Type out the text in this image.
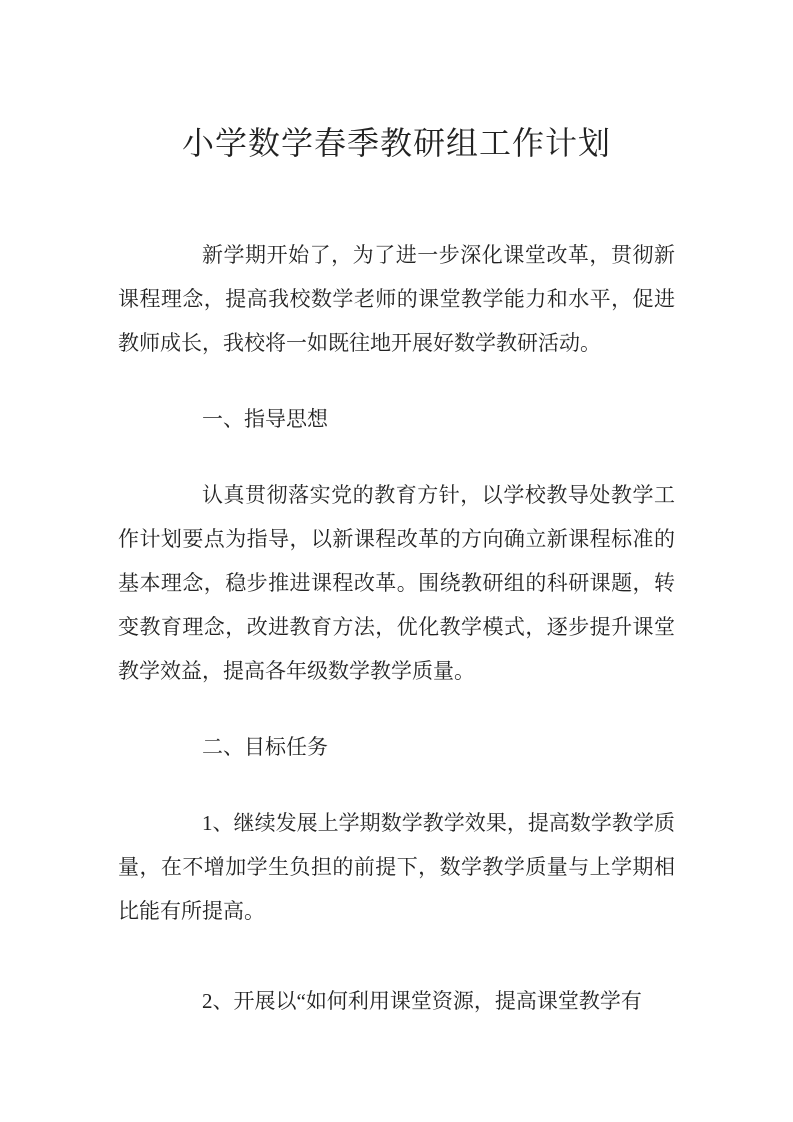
小学数学春季教研组工作计划

新学期开始了，为了进一步深化课堂改革，贯彻新课程理念，提高我校数学老师的课堂教学能力和水平，促进教师成长，我校将一如既往地开展好数学教研活动。

一、指导思想

认真贯彻落实党的教育方针，以学校教导处教学工作计划要点为指导，以新课程改革的方向确立新课程标准的基本理念，稳步推进课程改革。围绕教研组的科研课题，转变教育理念，改进教育方法，优化教学模式，逐步提升课堂教学效益，提高各年级数学教学质量。

二、目标任务

1、继续发展上学期数学教学效果，提高数学教学质量，在不增加学生负担的前提下，数学教学质量与上学期相比能有所提高。

2、开展以“如何利用课堂资源，提高课堂教学有
